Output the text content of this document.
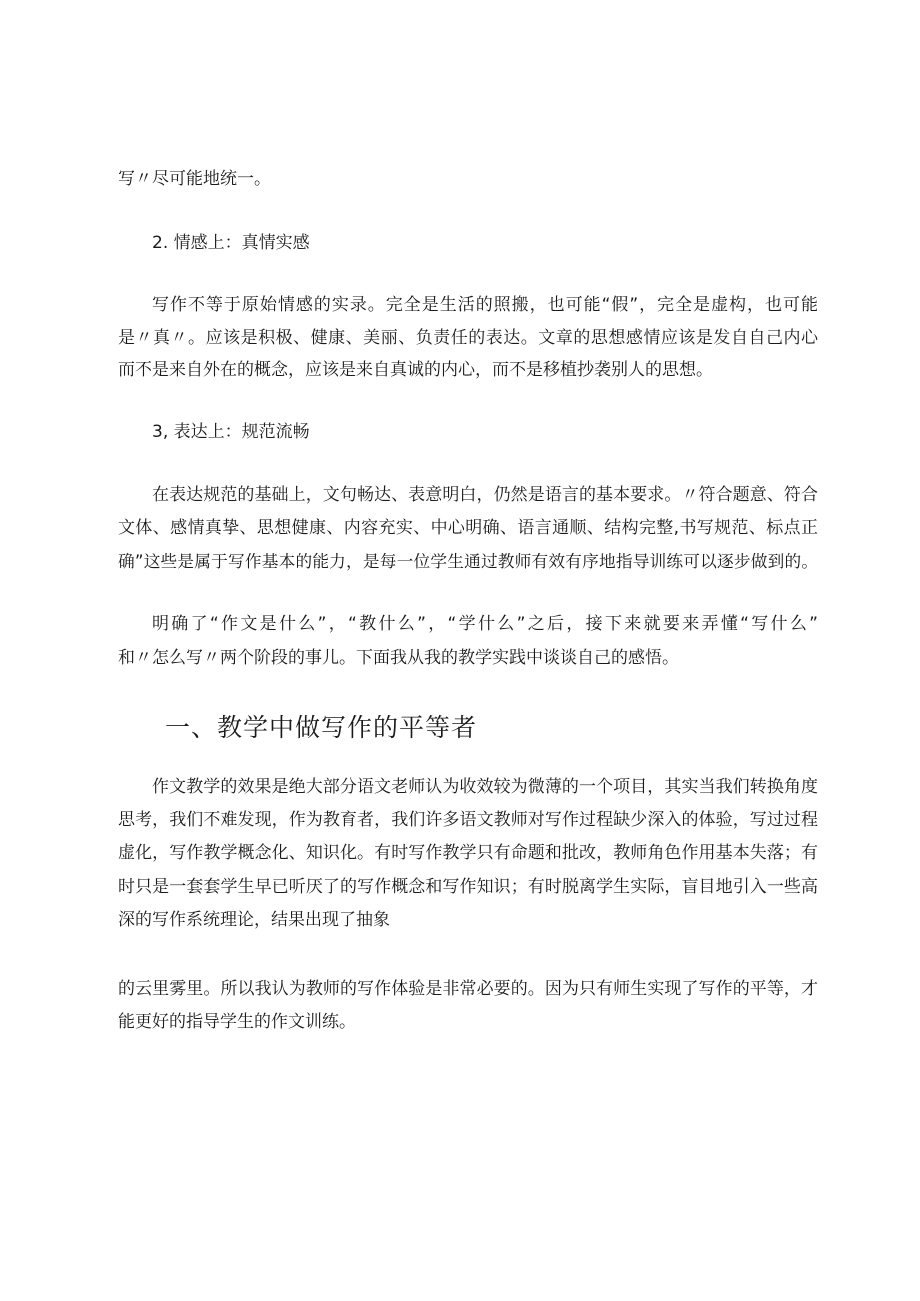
写〃尽可能地统一。
2. 情感上：真情实感
写作不等于原始情感的实录。完全是生活的照搬，也可能“假”，完全是虚构，也可能
是〃真〃。应该是积极、健康、美丽、负责任的表达。文章的思想感情应该是发自自己内心
而不是来自外在的概念，应该是来自真诚的内心，而不是移植抄袭别人的思想。
3, 表达上：规范流畅
在表达规范的基础上，文句畅达、表意明白，仍然是语言的基本要求。〃符合题意、符合
文体、感情真挚、思想健康、内容充实、中心明确、语言通顺、结构完整,书写规范、标点正
确”这些是属于写作基本的能力，是每一位学生通过教师有效有序地指导训练可以逐步做到的。
明确了“作文是什么”，“教什么”，“学什么”之后，接下来就要来弄懂“写什么”
和〃怎么写〃两个阶段的事儿。下面我从我的教学实践中谈谈自己的感悟。
一、教学中做写作的平等者
作文教学的效果是绝大部分语文老师认为收效较为微薄的一个项目，其实当我们转换角度
思考，我们不难发现，作为教育者，我们许多语文教师对写作过程缺少深入的体验，写过过程
虚化，写作教学概念化、知识化。有时写作教学只有命题和批改，教师角色作用基本失落；有
时只是一套套学生早已听厌了的写作概念和写作知识；有时脱离学生实际，盲目地引入一些高
深的写作系统理论，结果出现了抽象
的云里雾里。所以我认为教师的写作体验是非常必要的。因为只有师生实现了写作的平等，才
能更好的指导学生的作文训练。
